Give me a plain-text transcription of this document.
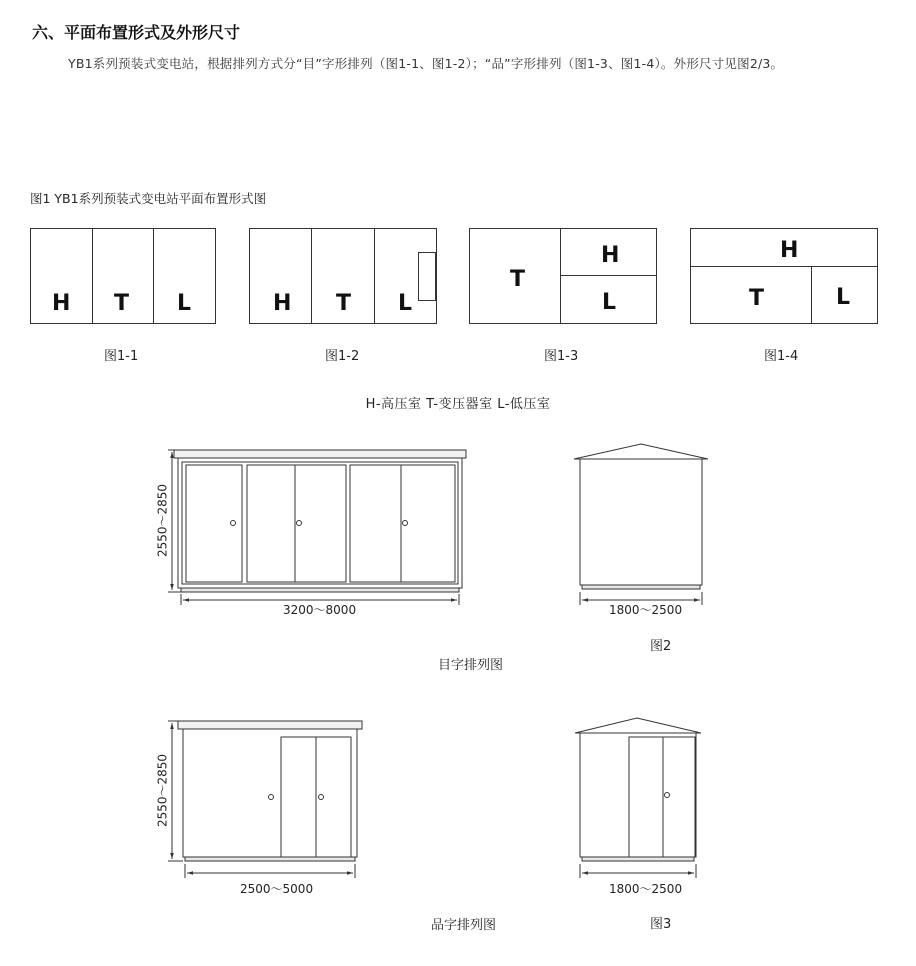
六、平面布置形式及外形尺寸
YB1系列预装式变电站，根据排列方式分“目”字形排列（图1-1、图1-2）；“品”字形排列（图1-3、图1-4）。外形尺寸见图2/3。
图1 YB1系列预装式变电站平面布置形式图
H T L
图1-1
H T L
图1-2
T
H
L
图1-3
H
T	L
图1-4
H-高压室 T-变压器室 L-低压室
2550～2850
3200～8000	1800～2500
图2
目字排列图
2550～2850
2500～5000	1800～2500
图3
品字排列图
